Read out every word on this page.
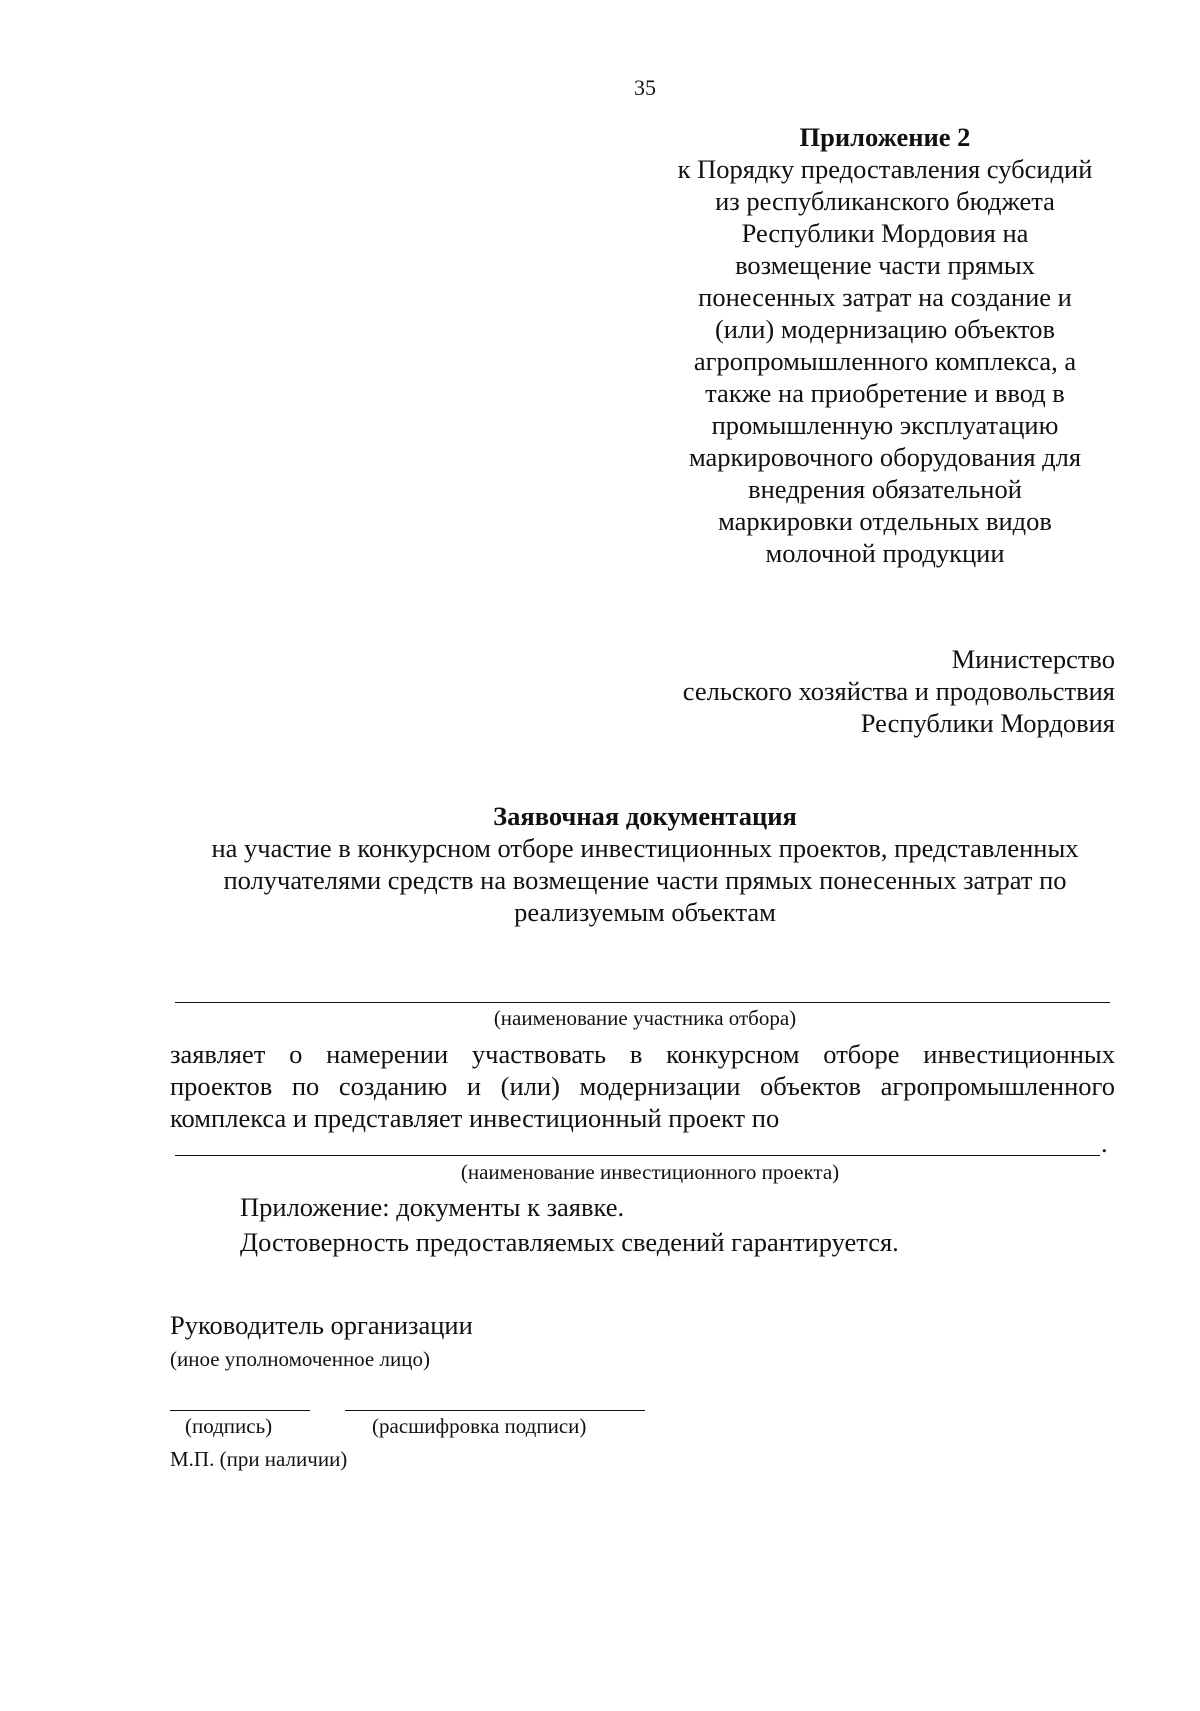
35
Приложение 2
к Порядку предоставления субсидий
из республиканского бюджета
Республики Мордовия на
возмещение части прямых
понесенных затрат на создание и
(или) модернизацию объектов
агропромышленного комплекса, а
также на приобретение и ввод в
промышленную эксплуатацию
маркировочного оборудования для
внедрения обязательной
маркировки отдельных видов
молочной продукции
Министерство
сельского хозяйства и продовольствия
Республики Мордовия
Заявочная документация
на участие в конкурсном отборе инвестиционных проектов, представленных
получателями средств на возмещение части прямых понесенных затрат по
реализуемым объектам
(наименование участника отбора)
заявляет о намерении участвовать в конкурсном отборе инвестиционных
проектов по созданию и (или) модернизации объектов агропромышленного
комплекса и представляет инвестиционный проект по
.
(наименование инвестиционного проекта)
Приложение: документы к заявке.
Достоверность предоставляемых сведений гарантируется.
Руководитель организации
(иное уполномоченное лицо)
(подпись)	(расшифровка подписи)
М.П. (при наличии)
